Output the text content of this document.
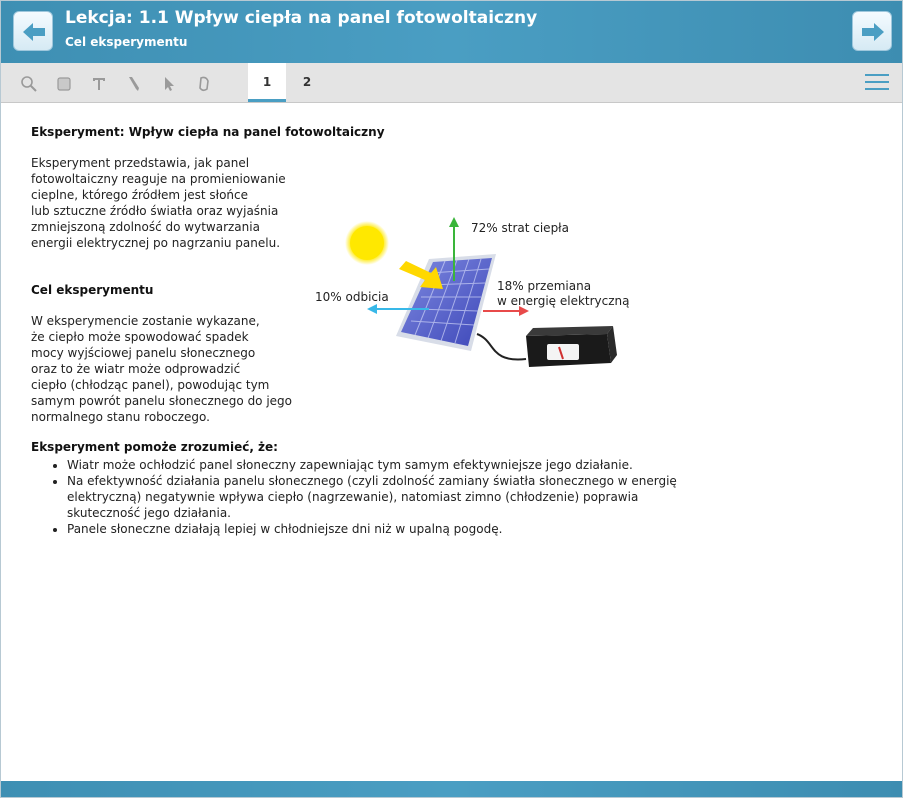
Lekcja: 1.1 Wpływ ciepła na panel fotowoltaiczny
Cel eksperymentu
1	2
Eksperyment: Wpływ ciepła na panel fotowoltaiczny
Eksperyment przedstawia, jak panel
fotowoltaiczny reaguje na promieniowanie
cieplne, którego źródłem jest słońce
lub sztuczne źródło światła oraz wyjaśnia
zmniejszoną zdolność do wytwarzania
energii elektrycznej po nagrzaniu panelu.
Cel eksperymentu
W eksperymencie zostanie wykazane,
że ciepło może spowodować spadek
mocy wyjściowej panelu słonecznego
oraz to że wiatr może odprowadzić
ciepło (chłodząc panel), powodując tym
samym powrót panelu słonecznego do jego
normalnego stanu roboczego.
Eksperyment pomoże zrozumieć, że:
• Wiatr może ochłodzić panel słoneczny zapewniając tym samym efektywniejsze jego działanie.
• Na efektywność działania panelu słonecznego (czyli zdolność zamiany światła słonecznego w energię elektryczną) negatywnie wpływa ciepło (nagrzewanie), natomiast zimno (chłodzenie) poprawia skuteczność jego działania.
• Panele słoneczne działają lepiej w chłodniejsze dni niż w upalną pogodę.
72% strat ciepła
10% odbicia
18% przemiana
w energię elektryczną
